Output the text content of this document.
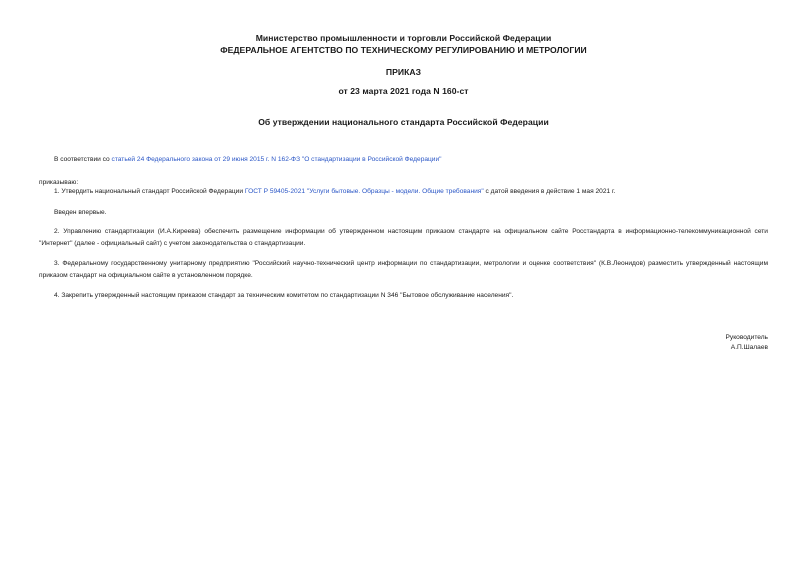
Министерство промышленности и торговли Российской Федерации
ФЕДЕРАЛЬНОЕ АГЕНТСТВО ПО ТЕХНИЧЕСКОМУ РЕГУЛИРОВАНИЮ И МЕТРОЛОГИИ
ПРИКАЗ
от 23 марта 2021 года N 160-ст
Об утверждении национального стандарта Российской Федерации
В соответствии со статьей 24 Федерального закона от 29 июня 2015 г. N 162-ФЗ "О стандартизации в Российской Федерации"
приказываю:
1. Утвердить национальный стандарт Российской Федерации ГОСТ Р 59405-2021 "Услуги бытовые. Образцы - модели. Общие требования" с датой введения в действие 1 мая 2021 г.
Введен впервые.
2. Управлению стандартизации (И.А.Киреева) обеспечить размещение информации об утвержденном настоящим приказом стандарте на официальном сайте Росстандарта в информационно-телекоммуникационной сети "Интернет" (далее - официальный сайт) с учетом законодательства о стандартизации.
3. Федеральному государственному унитарному предприятию "Российский научно-технический центр информации по стандартизации, метрологии и оценке соответствия" (К.В.Леонидов) разместить утвержденный настоящим приказом стандарт на официальном сайте в установленном порядке.
4. Закрепить утвержденный настоящим приказом стандарт за техническим комитетом по стандартизации N 346 "Бытовое обслуживание населения".
Руководитель
А.П.Шалаев
